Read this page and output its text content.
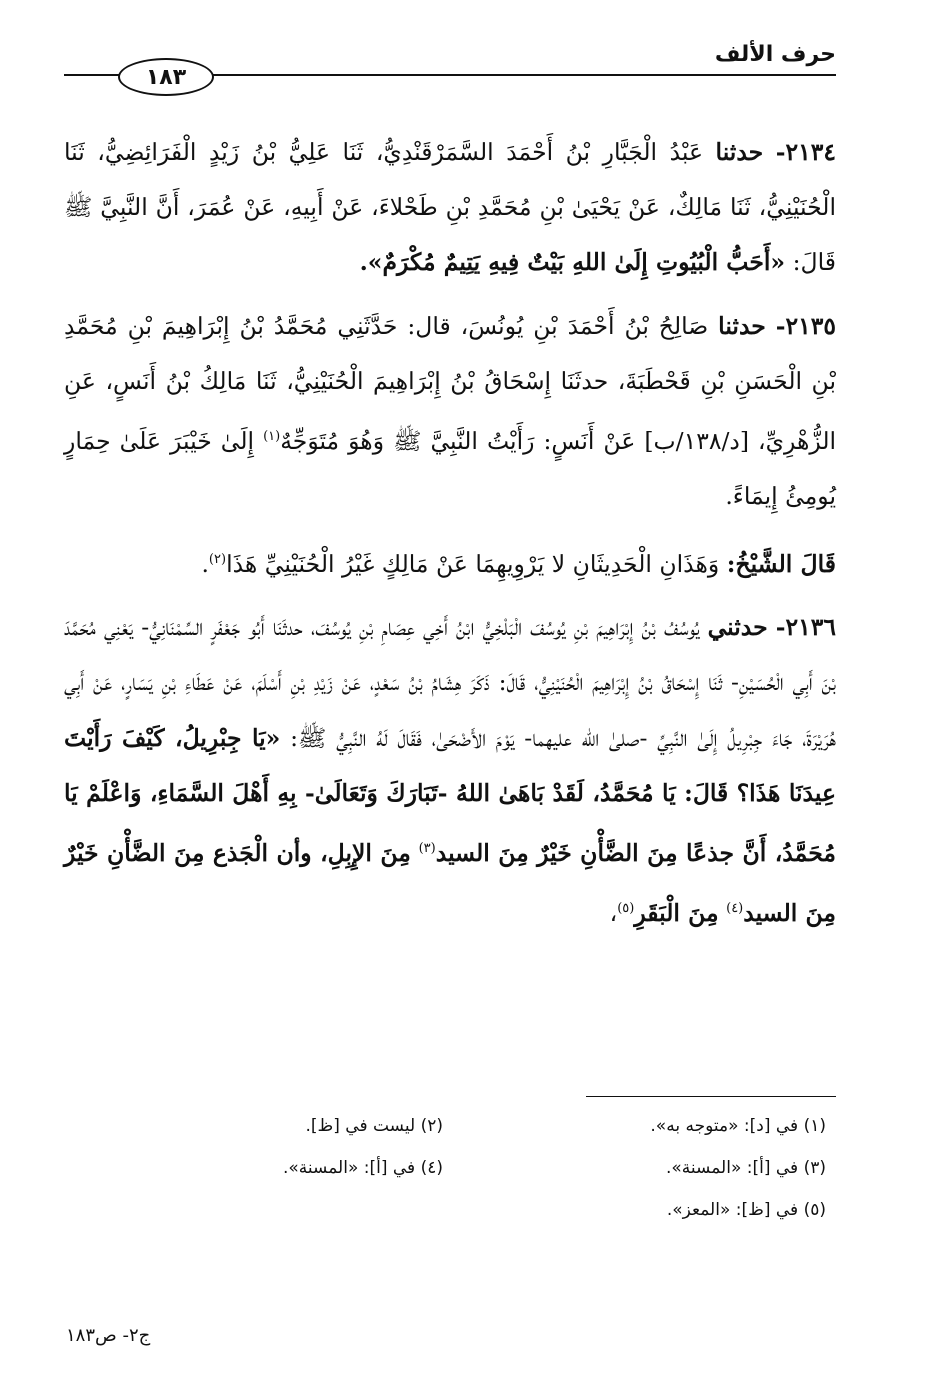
حرف الألف
١٨٣

٢١٣٤- حدثنا عَبْدُ الْجَبَّارِ بْنُ أَحْمَدَ السَّمَرْقَنْدِيُّ، ثَنَا عَلِيُّ بْنُ زَيْدٍ الْفَرَائِضِيُّ، ثَنَا الْحُنَيْنِيُّ، ثَنَا مَالِكٌ، عَنْ يَحْيَىٰ بْنِ مُحَمَّدِ بْنِ طَحْلاءَ، عَنْ أَبِيهِ، عَنْ عُمَرَ، أَنَّ النَّبِيَّ ﷺ قَالَ: «أَحَبُّ الْبُيُوتِ إِلَىٰ اللهِ بَيْتٌ فِيهِ يَتِيمٌ مُكْرَمٌ».

٢١٣٥- حدثنا صَالِحُ بْنُ أَحْمَدَ بْنِ يُونُسَ، قال: حَدَّثَنِي مُحَمَّدُ بْنُ إِبْرَاهِيمَ بْنِ مُحَمَّدِ بْنِ الْحَسَنِ بْنِ قَحْطَبَةَ، حدثَنَا إِسْحَاقُ بْنُ إِبْرَاهِيمَ الْحُنَيْنِيُّ، ثَنَا مَالِكُ بْنُ أَنَسٍ، عَنِ الزُّهْرِيِّ، [د/١٣٨/ب] عَنْ أَنَسٍ: رَأَيْتُ النَّبِيَّ ﷺ وَهُوَ مُتَوَجِّهٌ$^{(١)}$ إِلَىٰ خَيْبَرَ عَلَىٰ حِمَارٍ يُومِئُ إِيمَاءً.

قَالَ الشَّيْخُ: وَهَذَانِ الْحَدِيثَانِ لا يَرْوِيهِمَا عَنْ مَالِكٍ غَيْرُ الْحُنَيْنِيِّ هَذَا$^{(٢)}$.

٢١٣٦- حدثني يُوسُفُ بْنُ إِبْرَاهِيمَ بْنِ يُوسُفَ الْبَلْخِيُّ ابْنُ أَخِي عِصَامِ بْنِ يُوسُفَ، حدثَنَا أَبُو جَعْفَرٍ السِّمْنَانِيُّ- يَعْنِي مُحَمَّدَ بْنَ أَبِي الْحُسَيْنِ- ثَنَا إِسْحَاقُ بْنُ إِبْرَاهِيمَ الْحُنَيْنِيُّ، قَالَ: ذَكَرَ هِشَامُ بْنُ سَعْدٍ، عَنْ زَيْدِ بْنِ أَسْلَمَ، عَنْ عَطَاءِ بْنِ يَسَارٍ، عَنْ أَبِي هُرَيْرَةَ، جَاءَ جِبْرِيلُ إِلَىٰ النَّبِيِّ -صلىٰ الله عليهما- يَوْمَ الأَضْحَىٰ، فَقَالَ لَهُ النَّبِيُّ ﷺ: «يَا جِبْرِيلُ، كَيْفَ رَأَيْتَ عِيدَنَا هَذَا؟ قَالَ: يَا مُحَمَّدُ، لَقَدْ بَاهَىٰ اللهُ -تَبَارَكَ وَتَعَالَىٰ- بِهِ أَهْلَ السَّمَاءِ، وَاعْلَمْ يَا مُحَمَّدُ، أَنَّ جذعًا مِنَ الضَّأْنِ خَيْرٌ مِنَ السيد$^{(٣)}$ مِنَ الإِبِلِ، وأن الْجَذع مِنَ الضَّأْنِ خَيْرٌ مِنَ السيد$^{(٤)}$ مِنَ الْبَقَرِ$^{(٥)}$،

(١) في [د]: «متوجه به».
(٢) ليست في [ظ].
(٣) في [أ]: «المسنة».
(٤) في [أ]: «المسنة».
(٥) في [ظ]: «المعز».
ج٢- ص١٨٣
